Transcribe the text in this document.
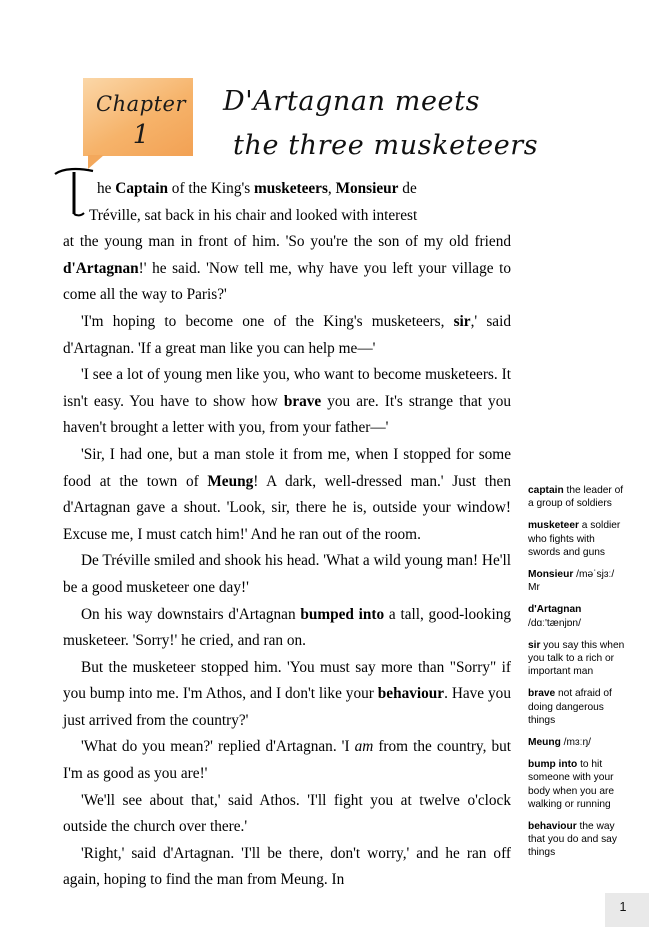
Chapter
1
D'Artagnan meets
the three musketeers

he Captain of the King's musketeers, Monsieur de

Tréville, sat back in his chair and looked with interest

at the young man in front of him. 'So you're the son of my old friend d'Artagnan!' he said. 'Now tell me, why have you left your village to come all the way to Paris?'

'I'm hoping to become one of the King's musketeers, sir,' said d'Artagnan. 'If a great man like you can help me—'

'I see a lot of young men like you, who want to become musketeers. It isn't easy. You have to show how brave you are. It's strange that you haven't brought a letter with you, from your father—'

'Sir, I had one, but a man stole it from me, when I stopped for some food at the town of Meung! A dark, well-dressed man.' Just then d'Artagnan gave a shout. 'Look, sir, there he is, outside your window! Excuse me, I must catch him!' And he ran out of the room.

De Tréville smiled and shook his head. 'What a wild young man! He'll be a good musketeer one day!'

On his way downstairs d'Artagnan bumped into a tall, good-looking musketeer. 'Sorry!' he cried, and ran on.

But the musketeer stopped him. 'You must say more than "Sorry" if you bump into me. I'm Athos, and I don't like your behaviour. Have you just arrived from the country?'

'What do you mean?' replied d'Artagnan. 'I am from the country, but I'm as good as you are!'

'We'll see about that,' said Athos. 'I'll fight you at twelve o'clock outside the church over there.'

'Right,' said d'Artagnan. 'I'll be there, don't worry,' and he ran off again, hoping to find the man from Meung. In

captain the leader of a group of soldiers
musketeer a soldier who fights with swords and guns
Monsieur /məˈsjɜː/ Mr
d'Artagnan /dɑː'tænjɒn/
sir you say this when you talk to a rich or important man
brave not afraid of doing dangerous things
Meung /mɜːŋ/
bump into to hit someone with your body when you are walking or running
behaviour the way that you do and say things
1
